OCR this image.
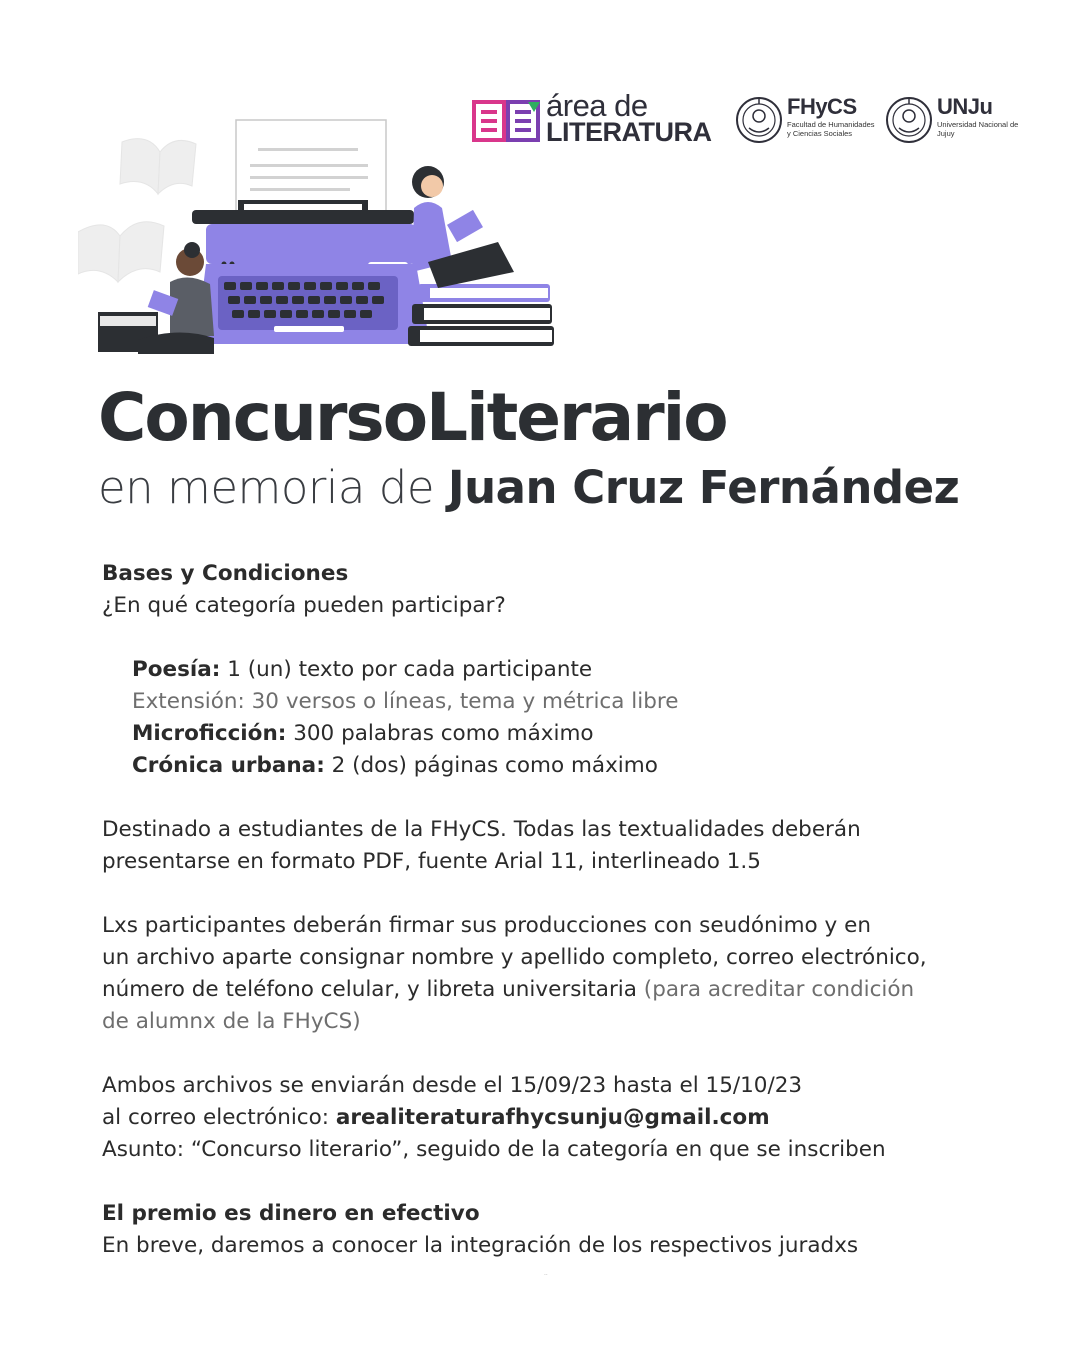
área de
LITERATURA
FHyCS
Facultad de Humanidades y Ciencias Sociales
UNJu
Universidad Nacional de Jujuy
ConcursoLiterario
en memoria de Juan Cruz Fernández

Bases y Condiciones

¿En qué categoría pueden participar?

Poesía: 1 (un) texto por cada participante

Extensión: 30 versos o líneas, tema y métrica libre

Microficción: 300 palabras como máximo

Crónica urbana: 2 (dos) páginas como máximo

Destinado a estudiantes de la FHyCS. Todas las textualidades deberán

presentarse en formato PDF, fuente Arial 11, interlineado 1.5

Lxs participantes deberán firmar sus producciones con seudónimo y en

un archivo aparte consignar nombre y apellido completo, correo electrónico,

número de teléfono celular, y libreta universitaria (para acreditar condición

de alumnx de la FHyCS)

Ambos archivos se enviarán desde el 15/09/23 hasta el 15/10/23

al correo electrónico: arealiteraturafhycsunju@gmail.com

Asunto: “Concurso literario”, seguido de la categoría en que se inscriben

El premio es dinero en efectivo

En breve, daremos a conocer la integración de los respectivos juradxs

··
